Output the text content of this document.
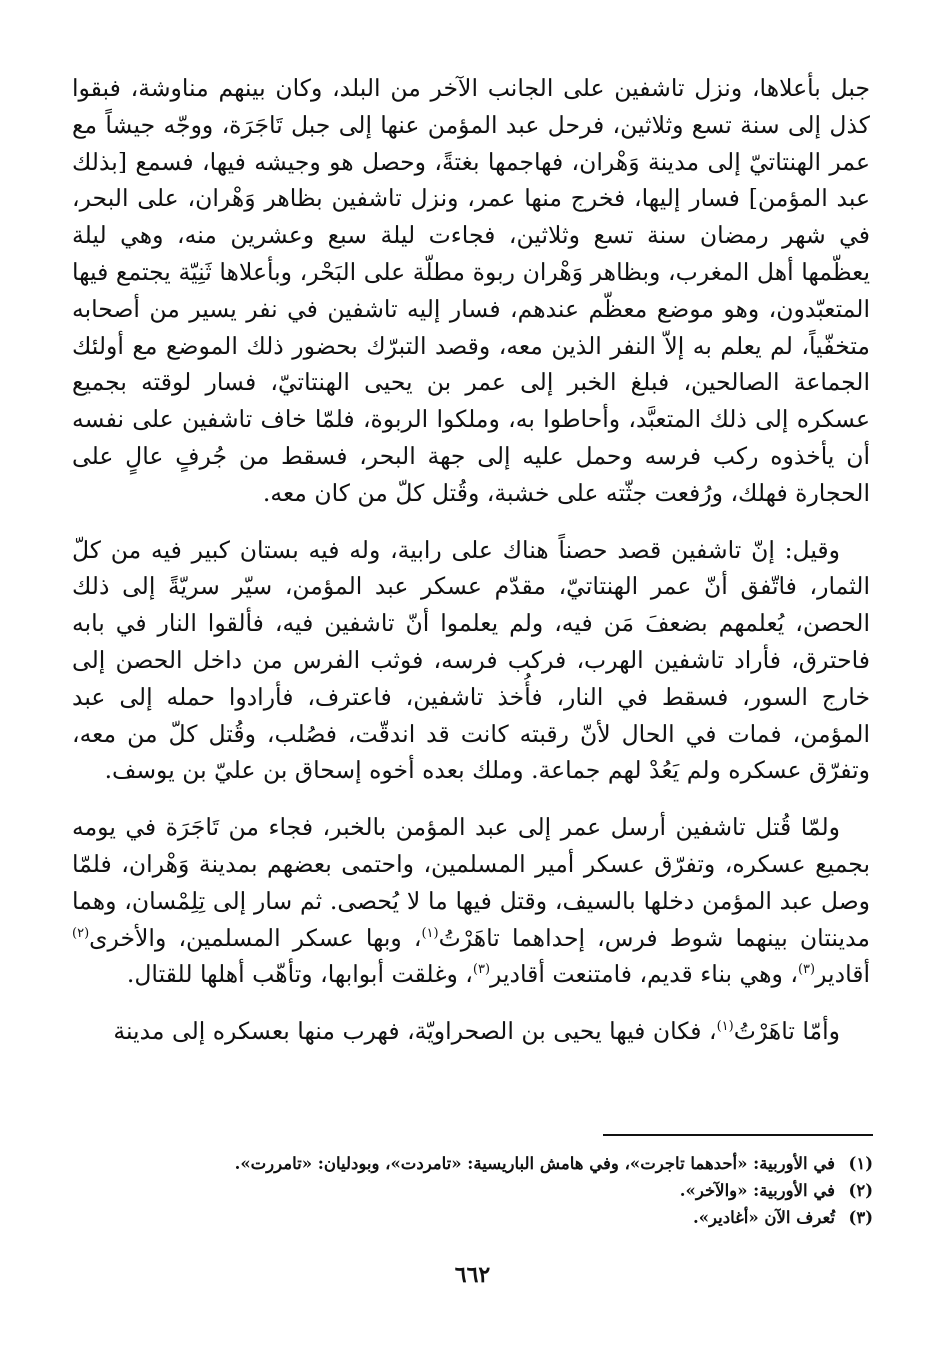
جبل بأعلاها، ونزل تاشفين على الجانب الآخر من البلد، وكان بينهم مناوشة، فبقوا كذل إلى سنة تسع وثلاثين، فرحل عبد المؤمن عنها إلى جبل تَاجَرَة، ووجّه جيشاً مع عمر الهنتاتيّ إلى مدينة وَهْران، فهاجمها بغتةً، وحصل هو وجيشه فيها، فسمع [بذلك عبد المؤمن] فسار إليها، فخرج منها عمر، ونزل تاشفين بظاهر وَهْران، على البحر، في شهر رمضان سنة تسع وثلاثين، فجاءت ليلة سبع وعشرين منه، وهي ليلة يعظّمها أهل المغرب، وبظاهر وَهْران ربوة مطلّة على البَحْر، وبأعلاها ثَنِيّة يجتمع فيها المتعبّدون، وهو موضع معظّم عندهم، فسار إليه تاشفين في نفر يسير من أصحابه متخفّياً، لم يعلم به إلاّ النفر الذين معه، وقصد التبرّك بحضور ذلك الموضع مع أولئك الجماعة الصالحين، فبلغ الخبر إلى عمر بن يحيى الهنتاتيّ، فسار لوقته بجميع عسكره إلى ذلك المتعبَّد، وأحاطوا به، وملكوا الربوة، فلمّا خاف تاشفين على نفسه أن يأخذوه ركب فرسه وحمل عليه إلى جهة البحر، فسقط من جُرفٍ عالٍ على الحجارة فهلك، ورُفعت جثّته على خشبة، وقُتل كلّ من كان معه.

وقيل: إنّ تاشفين قصد حصناً هناك على رابية، وله فيه بستان كبير فيه من كلّ الثمار، فاتّفق أنّ عمر الهنتاتيّ، مقدّم عسكر عبد المؤمن، سيّر سريّةً إلى ذلك الحصن، يُعلمهم بضعفَ مَن فيه، ولم يعلموا أنّ تاشفين فيه، فألقوا النار في بابه فاحترق، فأراد تاشفين الهرب، فركب فرسه، فوثب الفرس من داخل الحصن إلى خارج السور، فسقط في النار، فأُخذ تاشفين، فاعترف، فأرادوا حمله إلى عبد المؤمن، فمات في الحال لأنّ رقبته كانت قد اندقّت، فصُلب، وقُتل كلّ من معه، وتفرّق عسكره ولم يَعُدْ لهم جماعة. وملك بعده أخوه إسحاق بن عليّ بن يوسف.

ولمّا قُتل تاشفين أرسل عمر إلى عبد المؤمن بالخبر، فجاء من تَاجَرَة في يومه بجميع عسكره، وتفرّق عسكر أمير المسلمين، واحتمى بعضهم بمدينة وَهْران، فلمّا وصل عبد المؤمن دخلها بالسيف، وقتل فيها ما لا يُحصى. ثم سار إلى تِلِمْسان، وهما مدينتان بينهما شوط فرس، إحداهما تاهَرْتُ$^{(١)}$، وبها عسكر المسلمين، والأخرى$^{(٢)}$ أقادير$^{(٣)}$، وهي بناء قديم، فامتنعت أقادير$^{(٣)}$، وغلقت أبوابها، وتأهّب أهلها للقتال.

وأمّا تاهَرْتُ$^{(١)}$، فكان فيها يحيى بن الصحراويّة، فهرب منها بعسكره إلى مدينة

(١)
في الأوربية: «أحدهما تاجرت»، وفي هامش الباريسية: «تامردت»، وبودليان: «تامررت».
(٢)
في الأوربية: «والآخر».
(٣)
تُعرف الآن «أغادير».
٦٦٢
